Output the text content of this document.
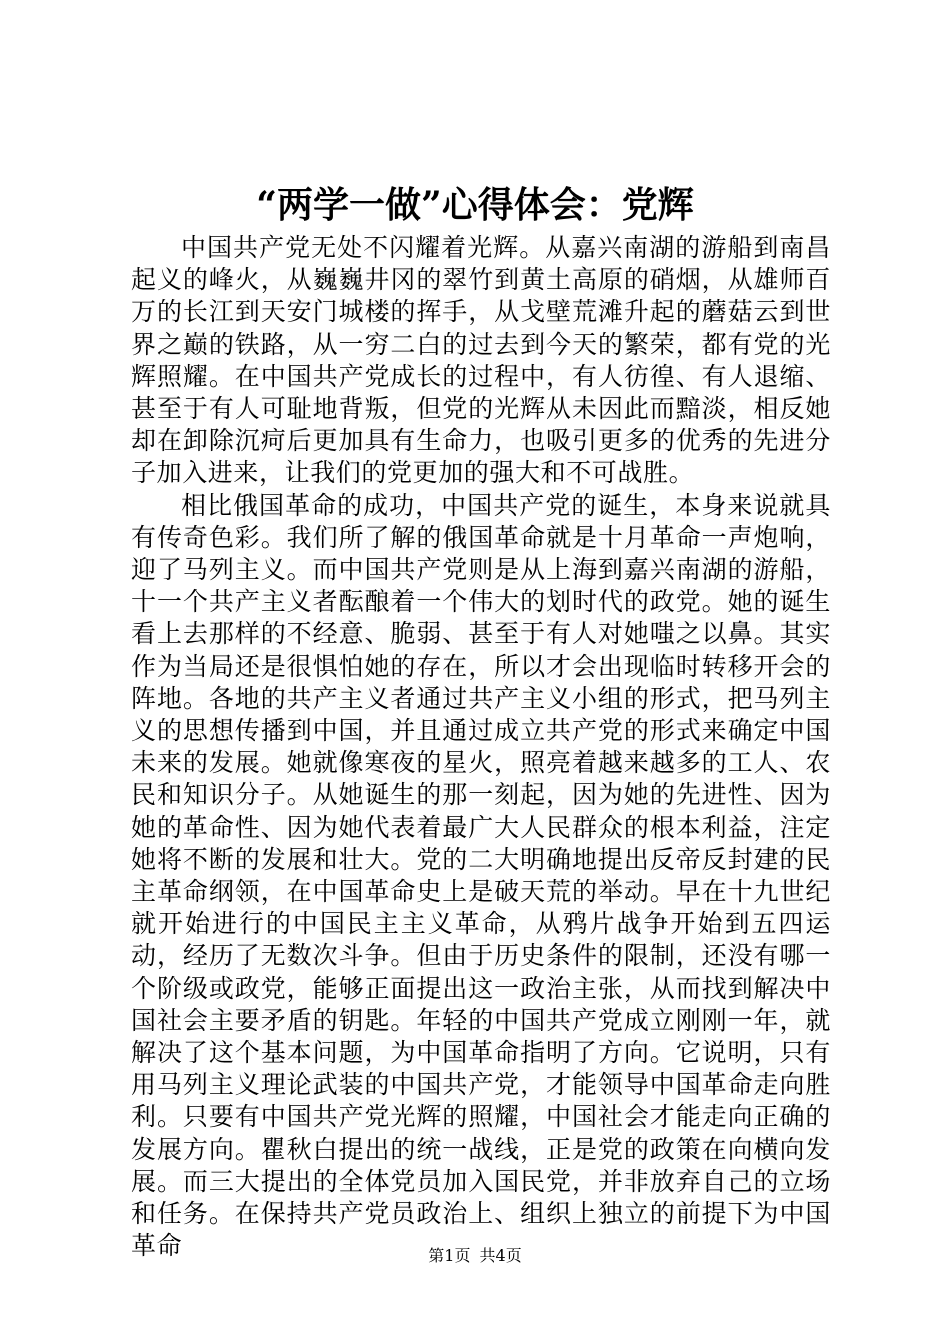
“两学一做”心得体会：党辉

中国共产党无处不闪耀着光辉。从嘉兴南湖的游船到南昌起义的峰火，从巍巍井冈的翠竹到黄土高原的硝烟，从雄师百万的长江到天安门城楼的挥手，从戈壁荒滩升起的蘑菇云到世界之巅的铁路，从一穷二白的过去到今天的繁荣，都有党的光辉照耀。在中国共产党成长的过程中，有人彷徨、有人退缩、甚至于有人可耻地背叛，但党的光辉从未因此而黯淡，相反她却在卸除沉疴后更加具有生命力，也吸引更多的优秀的先进分子加入进来，让我们的党更加的强大和不可战胜。

相比俄国革命的成功，中国共产党的诞生，本身来说就具有传奇色彩。我们所了解的俄国革命就是十月革命一声炮响，迎了马列主义。而中国共产党则是从上海到嘉兴南湖的游船，十一个共产主义者酝酿着一个伟大的划时代的政党。她的诞生看上去那样的不经意、脆弱、甚至于有人对她嗤之以鼻。其实作为当局还是很惧怕她的存在，所以才会出现临时转移开会的阵地。各地的共产主义者通过共产主义小组的形式，把马列主义的思想传播到中国，并且通过成立共产党的形式来确定中国未来的发展。她就像寒夜的星火，照亮着越来越多的工人、农民和知识分子。从她诞生的那一刻起，因为她的先进性、因为她的革命性、因为她代表着最广大人民群众的根本利益，注定她将不断的发展和壮大。党的二大明确地提出反帝反封建的民主革命纲领，在中国革命史上是破天荒的举动。早在十九世纪就开始进行的中国民主主义革命，从鸦片战争开始到五四运动，经历了无数次斗争。但由于历史条件的限制，还没有哪一个阶级或政党，能够正面提出这一政治主张，从而找到解决中国社会主要矛盾的钥匙。年轻的中国共产党成立刚刚一年，就解决了这个基本问题，为中国革命指明了方向。它说明，只有用马列主义理论武装的中国共产党，才能领导中国革命走向胜利。只要有中国共产党光辉的照耀，中国社会才能走向正确的发展方向。瞿秋白提出的统一战线，正是党的政策在向横向发展。而三大提出的全体党员加入国民党，并非放弃自己的立场和任务。在保持共产党员政治上、组织上独立的前提下为中国革命	第1页 共4页
